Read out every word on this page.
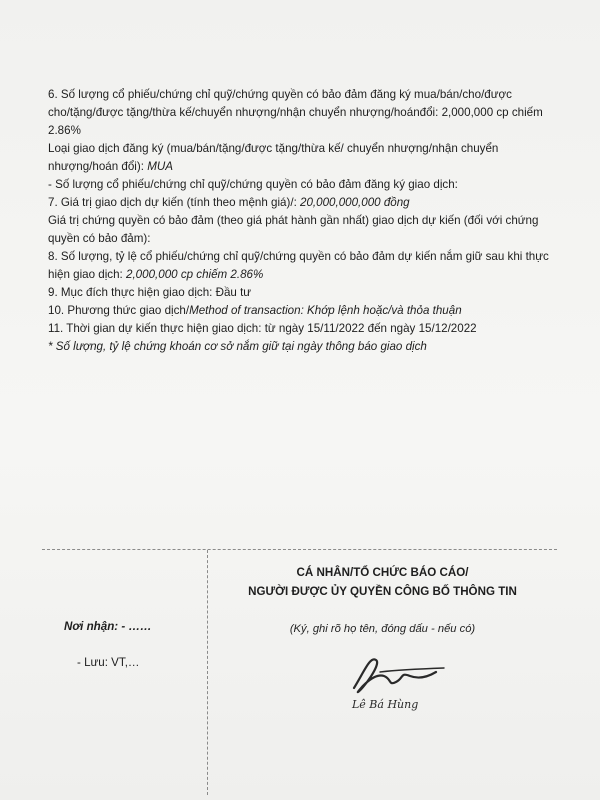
6. Số lượng cổ phiếu/chứng chỉ quỹ/chứng quyền có bảo đảm đăng ký mua/bán/cho/được cho/tặng/được tặng/thừa kế/chuyển nhượng/nhận chuyển nhượng/hoánđổi: 2,000,000 cp chiếm 2.86%

Loại giao dịch đăng ký (mua/bán/tặng/được tặng/thừa kế/ chuyển nhượng/nhận chuyển nhượng/hoán đổi): MUA

- Số lượng cổ phiếu/chứng chỉ quỹ/chứng quyền có bảo đảm đăng ký giao dịch:

7. Giá trị giao dịch dự kiến (tính theo mệnh giá)/: 20,000,000,000 đồng

Giá trị chứng quyền có bảo đảm (theo giá phát hành gần nhất) giao dịch dự kiến (đối với chứng quyền có bảo đảm):

8. Số lượng, tỷ lệ cổ phiếu/chứng chỉ quỹ/chứng quyền có bảo đảm dự kiến nắm giữ sau khi thực hiện giao dịch: 2,000,000 cp chiếm 2.86%

9. Mục đích thực hiện giao dịch: Đầu tư

10. Phương thức giao dịch/Method of transaction: Khớp lệnh hoặc/và thỏa thuận

11. Thời gian dự kiến thực hiện giao dịch: từ ngày 15/11/2022 đến ngày 15/12/2022

* Số lượng, tỷ lệ chứng khoán cơ sở nắm giữ tại ngày thông báo giao dịch

Nơi nhận: - ……
- Lưu: VT,…
CÁ NHÂN/TỔ CHỨC BÁO CÁO/
NGƯỜI ĐƯỢC ỦY QUYỀN CÔNG BỐ THÔNG TIN
(Ký, ghi rõ họ tên, đóng dấu - nếu có)
Lê Bá Hùng
